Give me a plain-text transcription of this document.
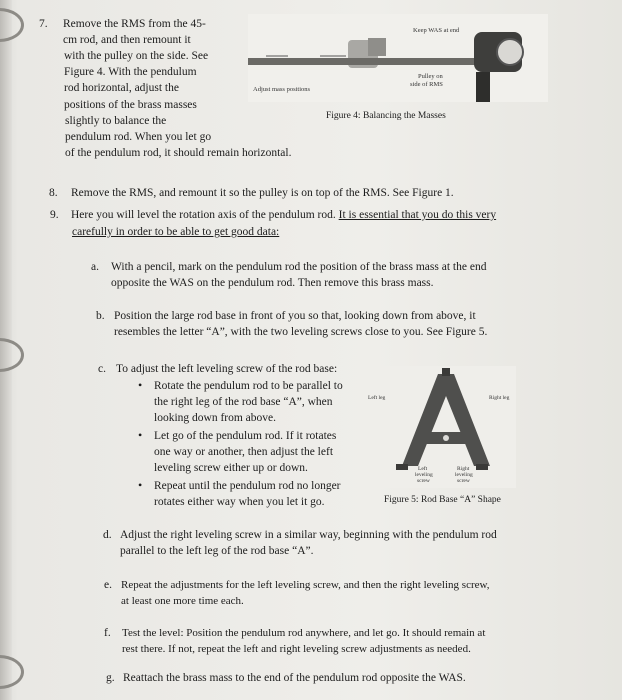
7. Remove the RMS from the 45-
cm rod, and then remount it
with the pulley on the side. See
Figure 4. With the pendulum
rod horizontal, adjust the
positions of the brass masses
slightly to balance the
pendulum rod. When you let go
of the pendulum rod, it should remain horizontal.
Keep WAS at end
Pulley on
side of RMS
Adjust mass positions
Figure 4: Balancing the Masses
8. Remove the RMS, and remount it so the pulley is on top of the RMS. See Figure 1.
9. Here you will level the rotation axis of the pendulum rod. It is essential that you do this very
carefully in order to be able to get good data:
a. With a pencil, mark on the pendulum rod the position of the brass mass at the end
opposite the WAS on the pendulum rod. Then remove this brass mass.
b. Position the large rod base in front of you so that, looking down from above, it
resembles the letter “A”, with the two leveling screws close to you. See Figure 5.
c. To adjust the left leveling screw of the rod base:
• Rotate the pendulum rod to be parallel to
the right leg of the rod base “A”, when
looking down from above.
• Let go of the pendulum rod. If it rotates
one way or another, then adjust the left
leveling screw either up or down.
• Repeat until the pendulum rod no longer
rotates either way when you let it go.
Left leg	Right leg
Left
leveling
screw
Right
leveling
screw
Figure 5: Rod Base “A” Shape
d. Adjust the right leveling screw in a similar way, beginning with the pendulum rod
parallel to the left leg of the rod base “A”.
e. Repeat the adjustments for the left leveling screw, and then the right leveling screw,
at least one more time each.
f. Test the level: Position the pendulum rod anywhere, and let go. It should remain at
rest there. If not, repeat the left and right leveling screw adjustments as needed.
g. Reattach the brass mass to the end of the pendulum rod opposite the WAS.
